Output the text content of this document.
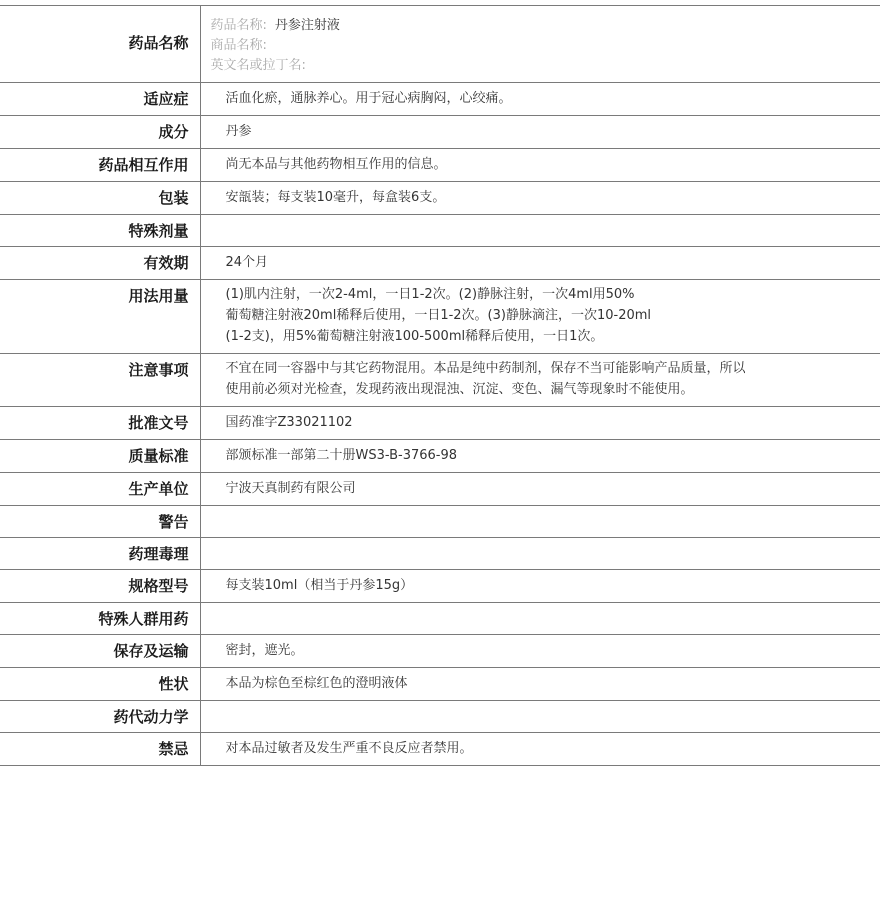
药品名称	药品名称: 丹参注射液
商品名称:
英文名或拉丁名:

适应症	活血化瘀，通脉养心。用于冠心病胸闷，心绞痛。

成分	丹参

药品相互作用	尚无本品与其他药物相互作用的信息。

包装	安瓿装；每支装10毫升，每盒装6支。

特殊剂量	

有效期	24个月

用法用量	(1)肌内注射，一次2-4ml，一日1-2次。(2)静脉注射，一次4ml用50%
葡萄糖注射液20ml稀释后使用，一日1-2次。(3)静脉滴注，一次10-20ml
(1-2支)，用5%葡萄糖注射液100-500ml稀释后使用，一日1次。

注意事项	不宜在同一容器中与其它药物混用。本品是纯中药制剂，保存不当可能影响产品质量，所以
使用前必须对光检查，发现药液出现混浊、沉淀、变色、漏气等现象时不能使用。

批准文号	国药准字Z33021102

质量标准	部颁标准一部第二十册WS3-B-3766-98

生产单位	宁波天真制药有限公司

警告	

药理毒理	

规格型号	每支装10ml（相当于丹参15g）

特殊人群用药	

保存及运输	密封，遮光。

性状	本品为棕色至棕红色的澄明液体

药代动力学	

禁忌	对本品过敏者及发生严重不良反应者禁用。
